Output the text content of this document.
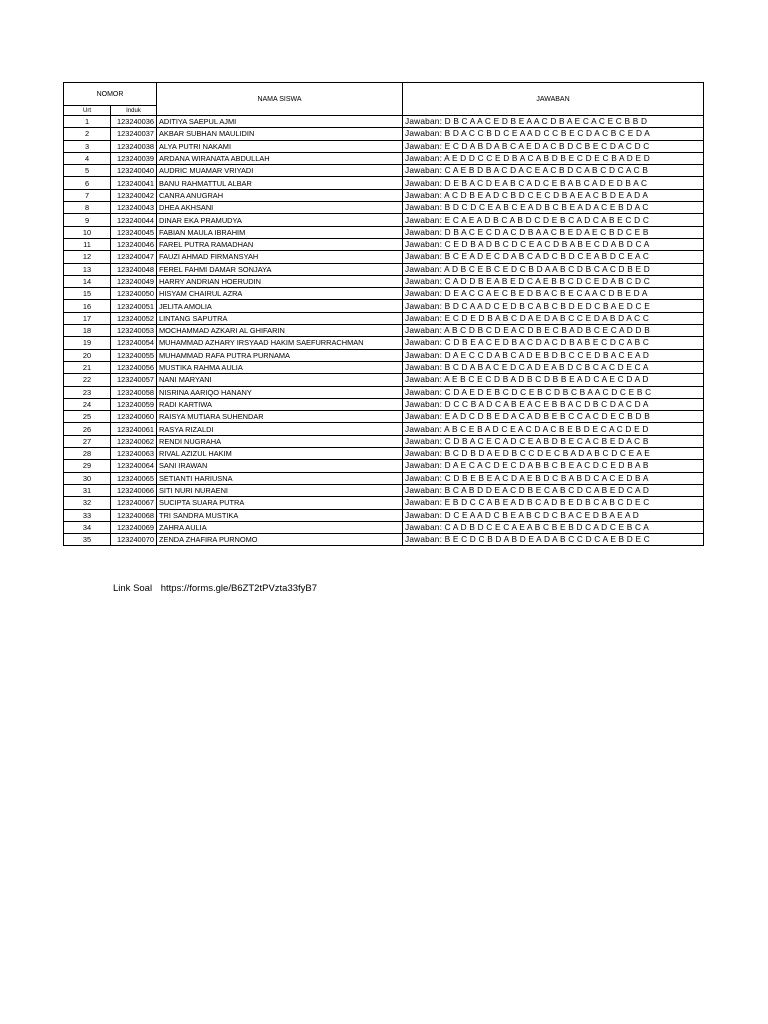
NOMOR		NAMA SISWA	JAWABAN
Urt	Induk		
1	123240036	ADITIYA SAEPUL AJMI	Jawaban: D B C A A C E D B E A A C D B A E C A C E C B B D
2	123240037	AKBAR SUBHAN MAULIDIN	Jawaban: B D A C C B D C E A A D C C B E C D A C B C E D A
3	123240038	ALYA PUTRI NAKAMI	Jawaban: E C D A B D A B C A E D A C B D C B E C D A C D C
4	123240039	ARDANA WIRANATA ABDULLAH	Jawaban: A E D D C C E D B A C A B D B E C D E C B A D E D
5	123240040	AUDRIC MUAMAR VRIYADI	Jawaban: C A E B D B A C D A C E A C B D C A B C D C A C B
6	123240041	BANU RAHMATTUL ALBAR	Jawaban: D E B A C D E A B C A D C E B A B C A D E D B A C
7	123240042	CANRA ANUGRAH	Jawaban: A C D B E A D C B D C E C D B A E A C B D E A D A
8	123240043	DHEA AKHSANI	Jawaban: B D C D C E A B C E A D B C B E A D A C E B D A C
9	123240044	DINAR EKA PRAMUDYA	Jawaban: E C A E A D B C A B D C D E B C A D C A B E C D C
10	123240045	FABIAN MAULA IBRAHIM	Jawaban: D B A C E C D A C D B A A C B E D A E C B D C E B
11	123240046	FAREL PUTRA RAMADHAN	Jawaban: C E D B A D B C D C E A C D B A B E C D A B D C A
12	123240047	FAUZI AHMAD FIRMANSYAH	Jawaban: B C E A D E C D A B C A D C B D C E A B D C E A C
13	123240048	FEREL FAHMI DAMAR SONJAYA	Jawaban: A D B C E B C E D C B D A A B C D B C A C D B E D
14	123240049	HARRY ANDRIAN HOERUDIN	Jawaban: C A D D B E A B E D C A E B B C D C E D A B C D C
15	123240050	HISYAM CHAIRUL AZRA	Jawaban: D E A C C A E C B E D B A C B E C A A C D B E D A
16	123240051	JELITA AMOLIA	Jawaban: B D C A A D C E D B C A B C B D E D C B A E D C E
17	123240052	LINTANG SAPUTRA	Jawaban: E C D E D B A B C D A E D A B C C E D A B D A C C
18	123240053	MOCHAMMAD AZKARI AL GHIFARIN	Jawaban: A B C D B C D E A C D B E C B A D B C E C A D D B
19	123240054	MUHAMMAD AZHARY IRSYAAD HAKIM SAEFURRACHMAN	Jawaban: C D B E A C E D B A C D A C D B A B E C D C A B C
20	123240055	MUHAMMAD RAFA PUTRA PURNAMA	Jawaban: D A E C C D A B C A D E B D B C C E D B A C E A D
21	123240056	MUSTIKA RAHMA AULIA	Jawaban: B C D A B A C E D C A D E A B D C B C A C D E C A
22	123240057	NANI MARYANI	Jawaban: A E B C E C D B A D B C D B B E A D C A E C D A D
23	123240058	NISRINA AARIQO HANANY	Jawaban: C D A E D E B C D C E B C D B C B A A C D C E B C
24	123240059	RADI KARTIWA	Jawaban: D C C B A D C A B E A C E B B A C D B C D A C D A
25	123240060	RAISYA MUTIARA SUHENDAR	Jawaban: E A D C D B E D A C A D B E B C C A C D E C B D B
26	123240061	RASYA RIZALDI	Jawaban: A B C E B A D C E A C D A C B E B D E C A C D E D
27	123240062	RENDI NUGRAHA	Jawaban: C D B A C E C A D C E A B D B E C A C B E D A C B
28	123240063	RIVAL AZIZUL HAKIM	Jawaban: B C D B D A E D B C C D E C B A D A B C D C E A E
29	123240064	SANI IRAWAN	Jawaban: D A E C A C D E C D A B B C B E A C D C E D B A B
30	123240065	SETIANTI HARIUSNA	Jawaban: C D B E B E A C D A E B D C B A B D C A C E D B A
31	123240066	SITI NURI NURAENI	Jawaban: B C A B D D E A C D B E C A B C D C A B E D C A D
32	123240067	SUCIPTA SUARA PUTRA	Jawaban: E B D C C A B E A D B C A D B E D B C A B C D E C
33	123240068	TRI SANDRA MUSTIKA	Jawaban: D C E A A D C B E A B C D C B A C E D B A E A D
34	123240069	ZAHRA AULIA	Jawaban: C A D B D C E C A E A B C B E B D C A D C E B C A
35	123240070	ZENDA ZHAFIRA PURNOMO	Jawaban: B E C D C B D A B D E A D A B C C D C A E B D E C
Link Soal https://forms.gle/B6ZT2tPVzta33fyB7
